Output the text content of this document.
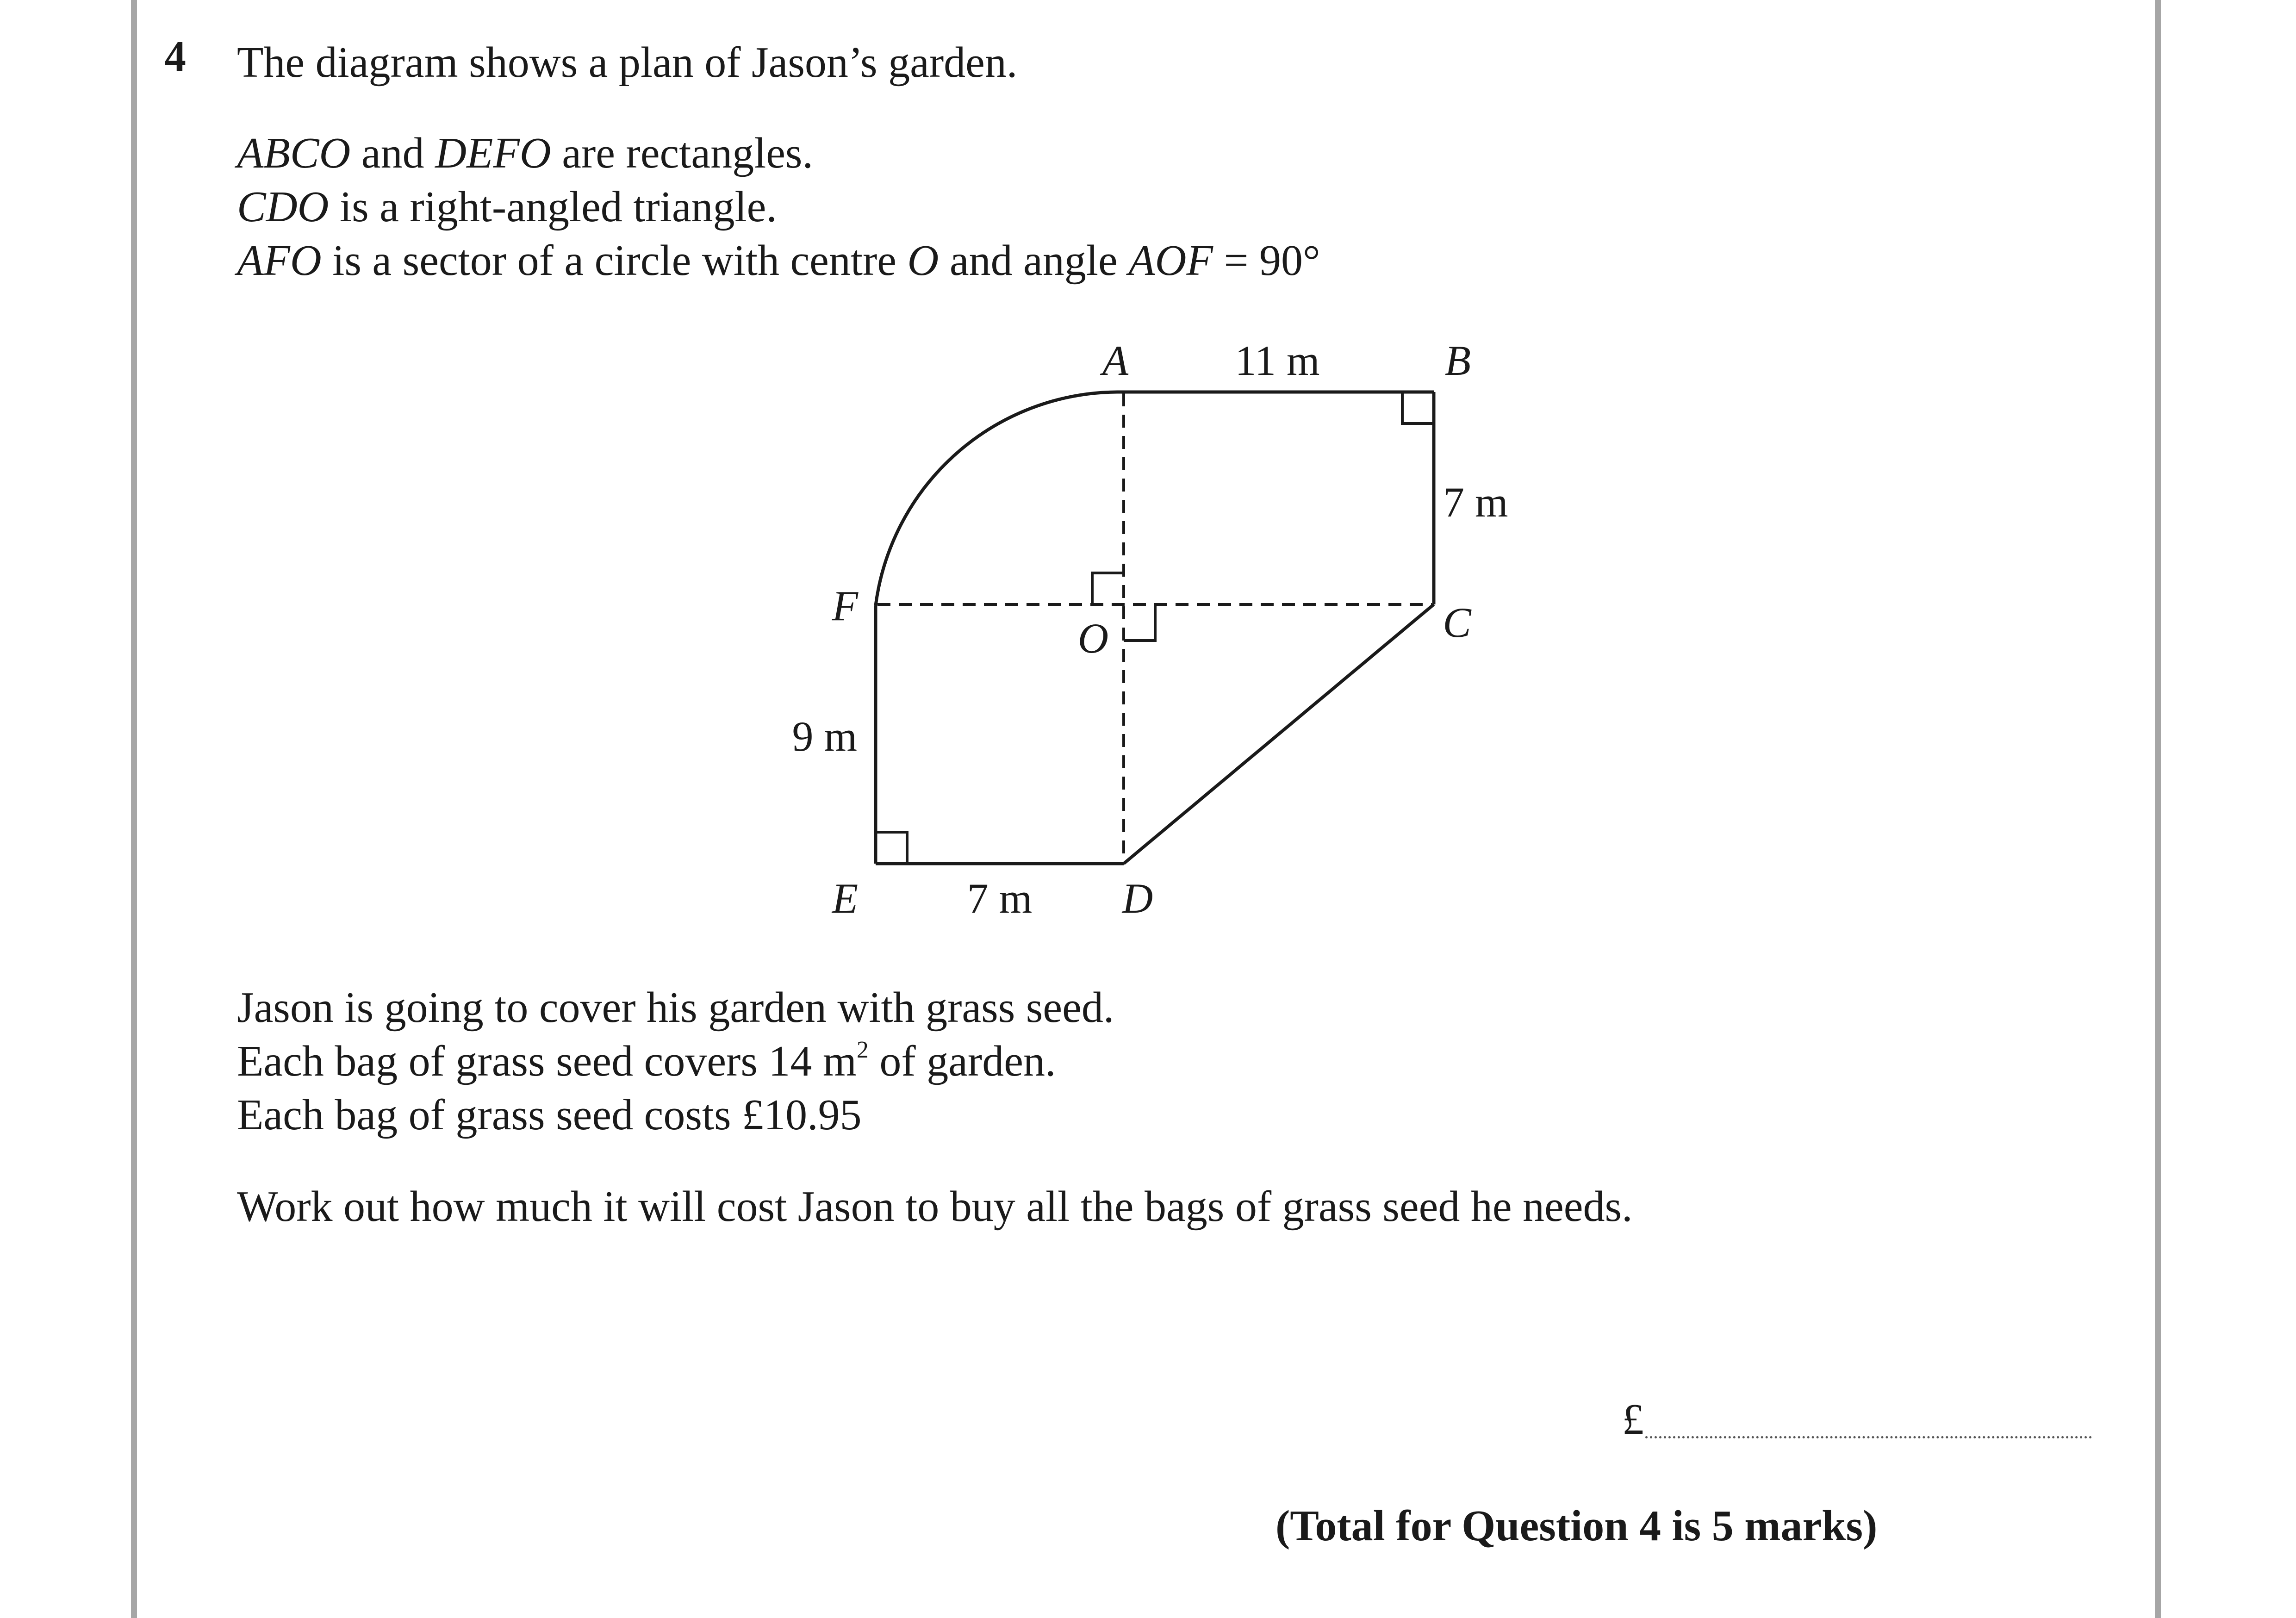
4 The diagram shows a plan of Jason’s garden.
ABCO and DEFO are rectangles.
CDO is a right-angled triangle.
AFO is a sector of a circle with centre O and angle AOF = 90°
A	B
C
D
E
F
O
11 m
7 m
9 m
7 m
Jason is going to cover his garden with grass seed.
Each bag of grass seed covers 14 $m^2$ of garden.
Each bag of grass seed costs £10.95
Work out how much it will cost Jason to buy all the bags of grass seed he needs.
£
(Total for Question 4 is 5 marks)
